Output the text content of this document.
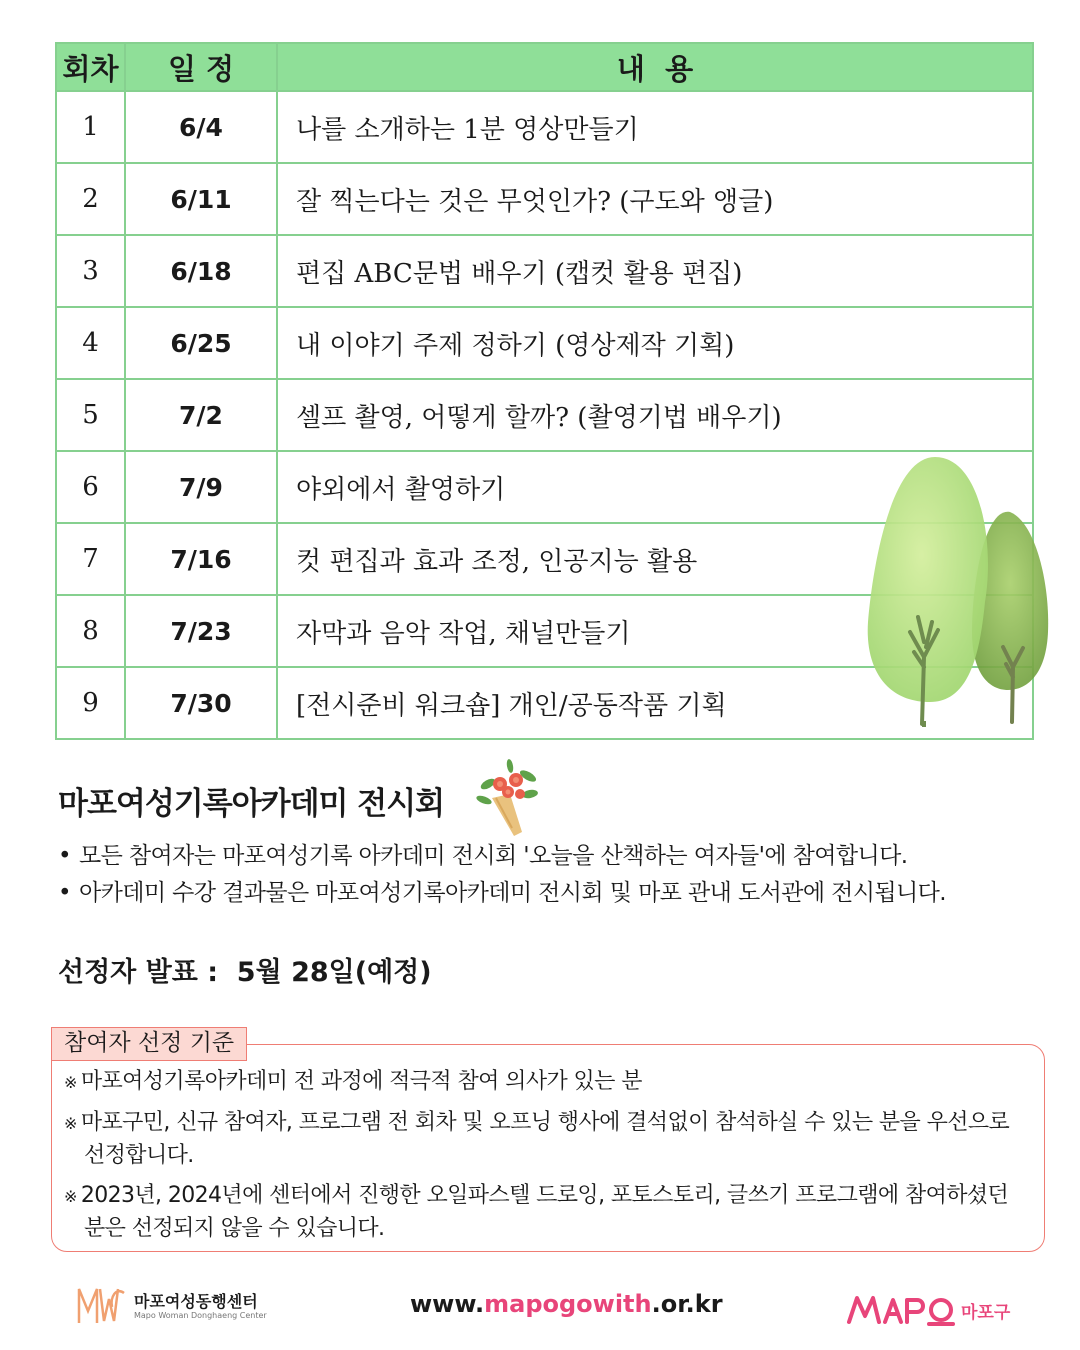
회차	일 정	내  용
1	6/4	나를 소개하는 1분 영상만들기
2	6/11	잘 찍는다는 것은 무엇인가? (구도와 앵글)
3	6/18	편집 ABC문법 배우기 (캡컷 활용 편집)
4	6/25	내 이야기 주제 정하기 (영상제작 기획)
5	7/2	셀프 촬영, 어떻게 할까? (촬영기법 배우기)
6	7/9	야외에서 촬영하기
7	7/16	컷 편집과 효과 조정, 인공지능 활용
8	7/23	자막과 음악 작업, 채널만들기
9	7/30	[전시준비 워크숍] 개인/공동작품 기획
마포여성기록아카데미 전시회
• 모든 참여자는 마포여성기록 아카데미 전시회 '오늘을 산책하는 여자들'에 참여합니다.
• 아카데미 수강 결과물은 마포여성기록아카데미 전시회 및 마포 관내 도서관에 전시됩니다.
선정자 발표 :  5월 28일(예정)
참여자 선정 기준
※ 마포여성기록아카데미 전 과정에 적극적 참여 의사가 있는 분
※ 마포구민, 신규 참여자, 프로그램 전 회차 및 오프닝 행사에 결석없이 참석하실 수 있는 분을 우선으로 선정합니다.
※ 2023년, 2024년에 센터에서 진행한 오일파스텔 드로잉, 포토스토리, 글쓰기 프로그램에 참여하셨던 분은 선정되지 않을 수 있습니다.
마포여성동행센터
Mapo Woman Donghaeng Center	www.mapogowith.or.kr	마포구
